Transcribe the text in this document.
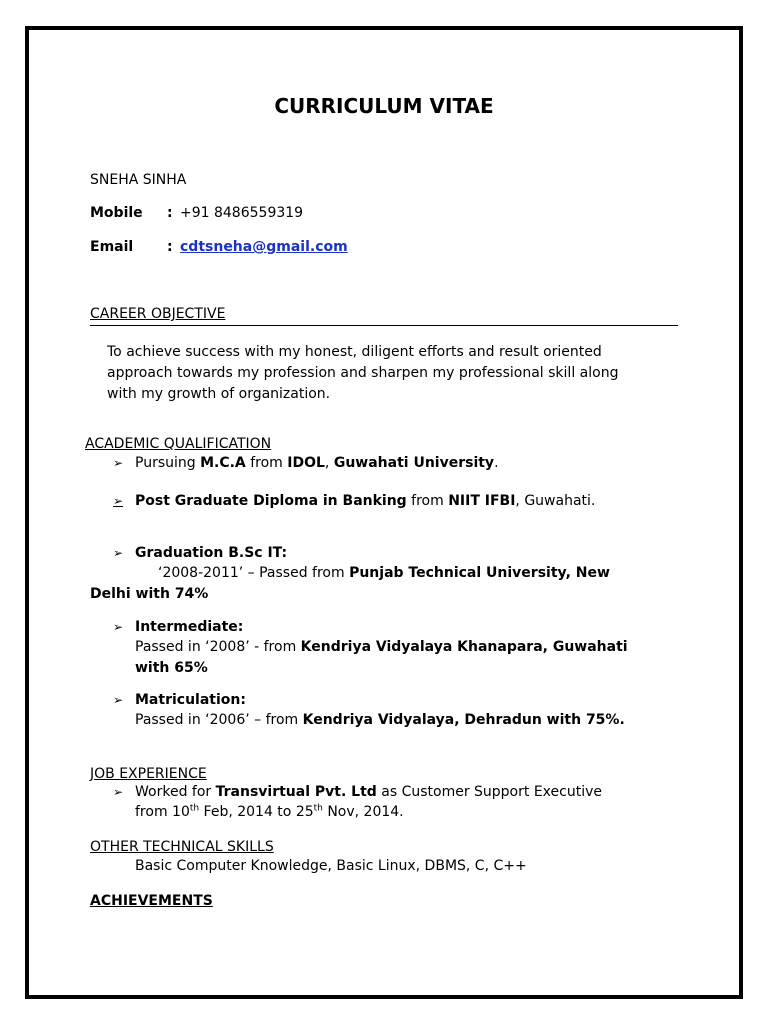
CURRICULUM VITAE
SNEHA SINHA
Mobile : +91 8486559319
Email : cdtsneha@gmail.com
CAREER OBJECTIVE
To achieve success with my honest, diligent efforts and result oriented
approach towards my profession and sharpen my professional skill along
with my growth of organization.
ACADEMIC QUALIFICATION
➢ Pursuing M.C.A from IDOL, Guwahati University.
➢ Post Graduate Diploma in Banking from NIIT IFBI, Guwahati.
➢ Graduation B.Sc IT:
‘2008-2011’ – Passed from Punjab Technical University, New
Delhi with 74%
➢ Intermediate:
Passed in ‘2008’ - from Kendriya Vidyalaya Khanapara, Guwahati
with 65%
➢ Matriculation:
Passed in ‘2006’ – from Kendriya Vidyalaya, Dehradun with 75%.
JOB EXPERIENCE
➢ Worked for Transvirtual Pvt. Ltd as Customer Support Executive
from 10th Feb, 2014 to 25th Nov, 2014.
OTHER TECHNICAL SKILLS
Basic Computer Knowledge, Basic Linux, DBMS, C, C++
ACHIEVEMENTS
